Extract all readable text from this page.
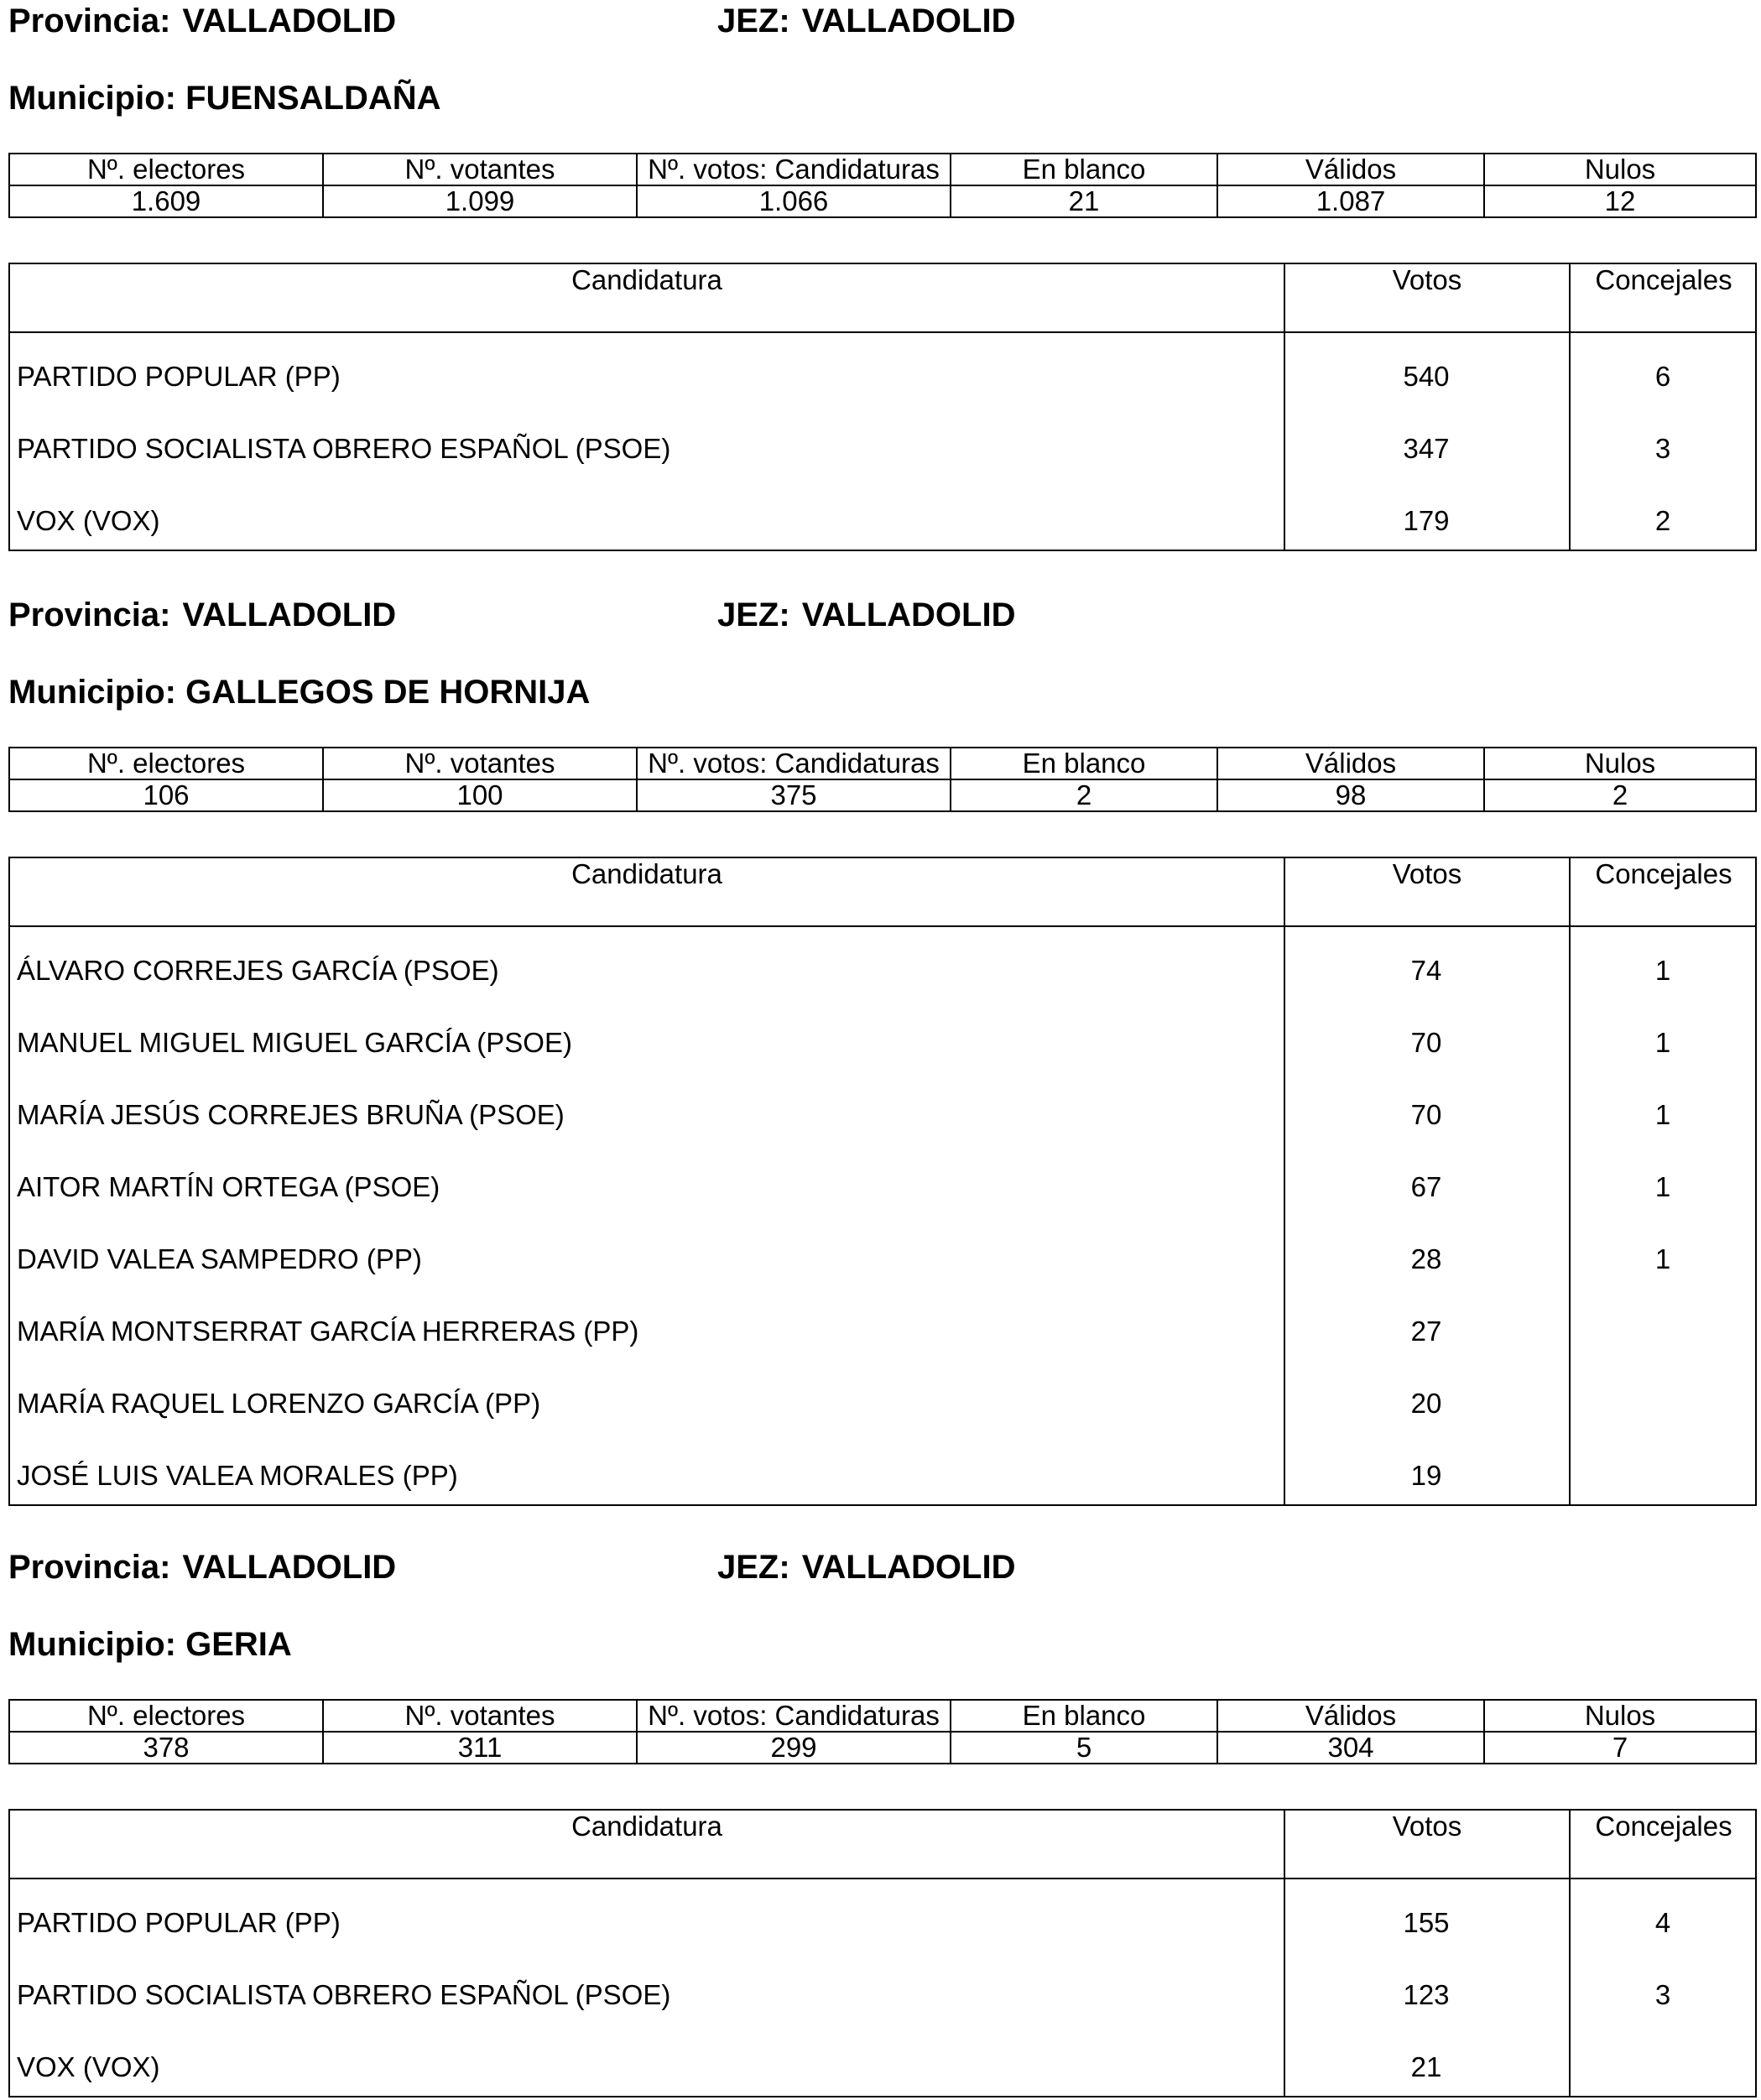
Provincia: VALLADOLID	JEZ: VALLADOLID
Municipio: FUENSALDAÑA
Nº. electores	Nº. votantes	Nº. votos: Candidaturas	En blanco	Válidos	Nulos
1.609	1.099	1.066	21	1.087	12
Candidatura	Votos	Concejales
PARTIDO POPULAR (PP)	540	6
PARTIDO SOCIALISTA OBRERO ESPAÑOL (PSOE)	347	3
VOX (VOX)	179	2
Provincia: VALLADOLID	JEZ: VALLADOLID
Municipio: GALLEGOS DE HORNIJA
Nº. electores	Nº. votantes	Nº. votos: Candidaturas	En blanco	Válidos	Nulos
106	100	375	2	98	2
Candidatura	Votos	Concejales
ÁLVARO CORREJES GARCÍA (PSOE)	74	1
MANUEL MIGUEL MIGUEL GARCÍA (PSOE)	70	1
MARÍA JESÚS CORREJES BRUÑA (PSOE)	70	1
AITOR MARTÍN ORTEGA (PSOE)	67	1
DAVID VALEA SAMPEDRO (PP)	28	1
MARÍA MONTSERRAT GARCÍA HERRERAS (PP)	27
MARÍA RAQUEL LORENZO GARCÍA (PP)	20
JOSÉ LUIS VALEA MORALES (PP)	19
Provincia: VALLADOLID	JEZ: VALLADOLID
Municipio: GERIA
Nº. electores	Nº. votantes	Nº. votos: Candidaturas	En blanco	Válidos	Nulos
378	311	299	5	304	7
Candidatura	Votos	Concejales
PARTIDO POPULAR (PP)	155	4
PARTIDO SOCIALISTA OBRERO ESPAÑOL (PSOE)	123	3
VOX (VOX)	21
